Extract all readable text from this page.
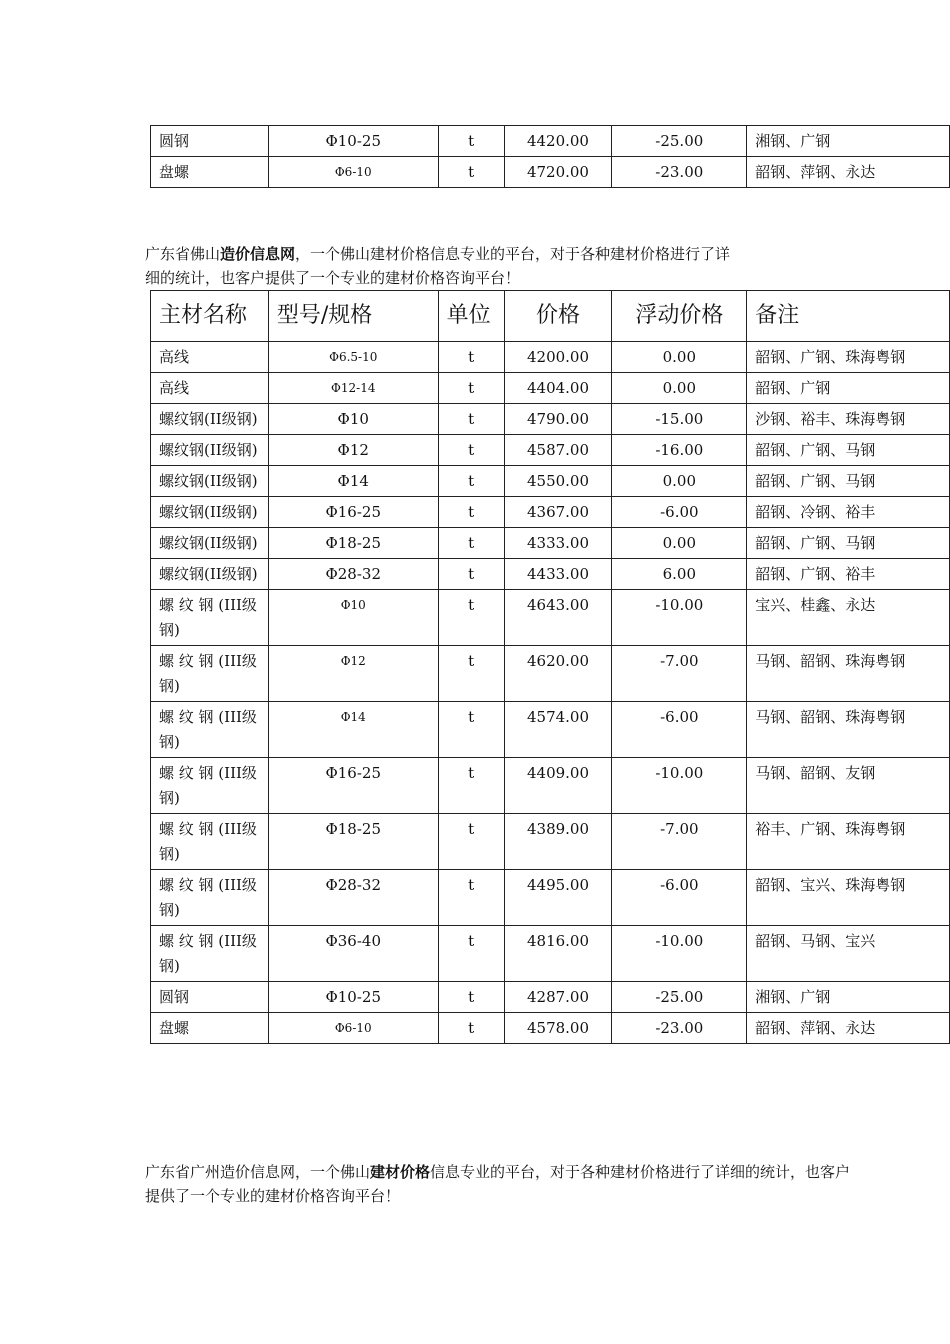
圆钢	Φ10-25	t	4420.00	-25.00	湘钢、广钢
盘螺	Φ6-10	t	4720.00	-23.00	韶钢、萍钢、永达
广东省佛山造价信息网，一个佛山建材价格信息专业的平台，对于各种建材价格进行了详
细的统计，也客户提供了一个专业的建材价格咨询平台！
主材名称	型号/规格	单位	价格	浮动价格	备注
高线	Φ6.5-10	t	4200.00	0.00	韶钢、广钢、珠海粤钢
高线	Φ12-14	t	4404.00	0.00	韶钢、广钢
螺纹钢(II级钢)	Φ10	t	4790.00	-15.00	沙钢、裕丰、珠海粤钢
螺纹钢(II级钢)	Φ12	t	4587.00	-16.00	韶钢、广钢、马钢
螺纹钢(II级钢)	Φ14	t	4550.00	0.00	韶钢、广钢、马钢
螺纹钢(II级钢)	Φ16-25	t	4367.00	-6.00	韶钢、冷钢、裕丰
螺纹钢(II级钢)	Φ18-25	t	4333.00	0.00	韶钢、广钢、马钢
螺纹钢(II级钢)	Φ28-32	t	4433.00	6.00	韶钢、广钢、裕丰
螺 纹 钢 (III级钢)	Φ10	t	4643.00	-10.00	宝兴、桂鑫、永达
螺 纹 钢 (III级钢)	Φ12	t	4620.00	-7.00	马钢、韶钢、珠海粤钢
螺 纹 钢 (III级钢)	Φ14	t	4574.00	-6.00	马钢、韶钢、珠海粤钢
螺 纹 钢 (III级钢)	Φ16-25	t	4409.00	-10.00	马钢、韶钢、友钢
螺 纹 钢 (III级钢)	Φ18-25	t	4389.00	-7.00	裕丰、广钢、珠海粤钢
螺 纹 钢 (III级钢)	Φ28-32	t	4495.00	-6.00	韶钢、宝兴、珠海粤钢
螺 纹 钢 (III级钢)	Φ36-40	t	4816.00	-10.00	韶钢、马钢、宝兴
圆钢	Φ10-25	t	4287.00	-25.00	湘钢、广钢
盘螺	Φ6-10	t	4578.00	-23.00	韶钢、萍钢、永达
广东省广州造价信息网，一个佛山建材价格信息专业的平台，对于各种建材价格进行了详细的统计，也客户
提供了一个专业的建材价格咨询平台！
